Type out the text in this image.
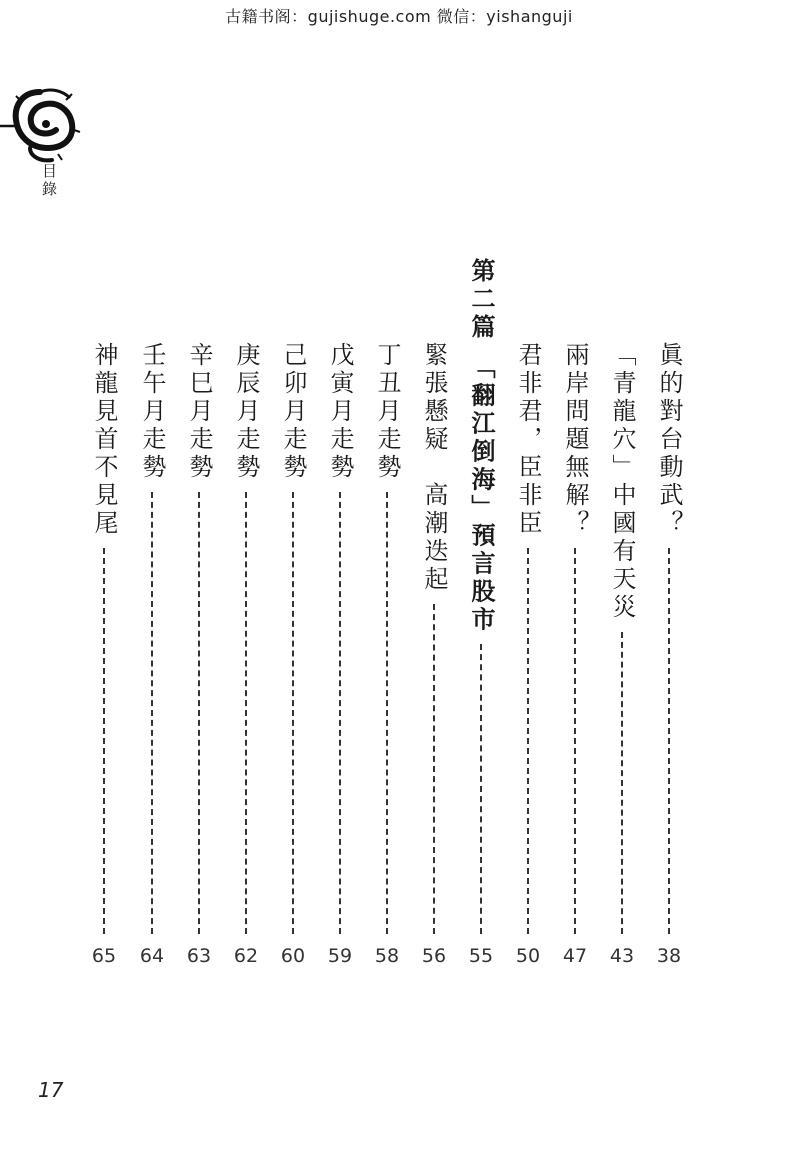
古籍书阁：gujishuge.com 微信：yishanguji
目錄
眞的對台動武？
38
「青龍穴」中國有天災
43
兩岸問題無解？
47
君非君，臣非臣
50
第二篇 「翻江倒海」預言股市
55
緊張懸疑　高潮迭起
56
丁丑月走勢
58
戊寅月走勢
59
己卯月走勢
60
庚辰月走勢
62
辛巳月走勢
63
壬午月走勢
64
神龍見首不見尾
65
17
